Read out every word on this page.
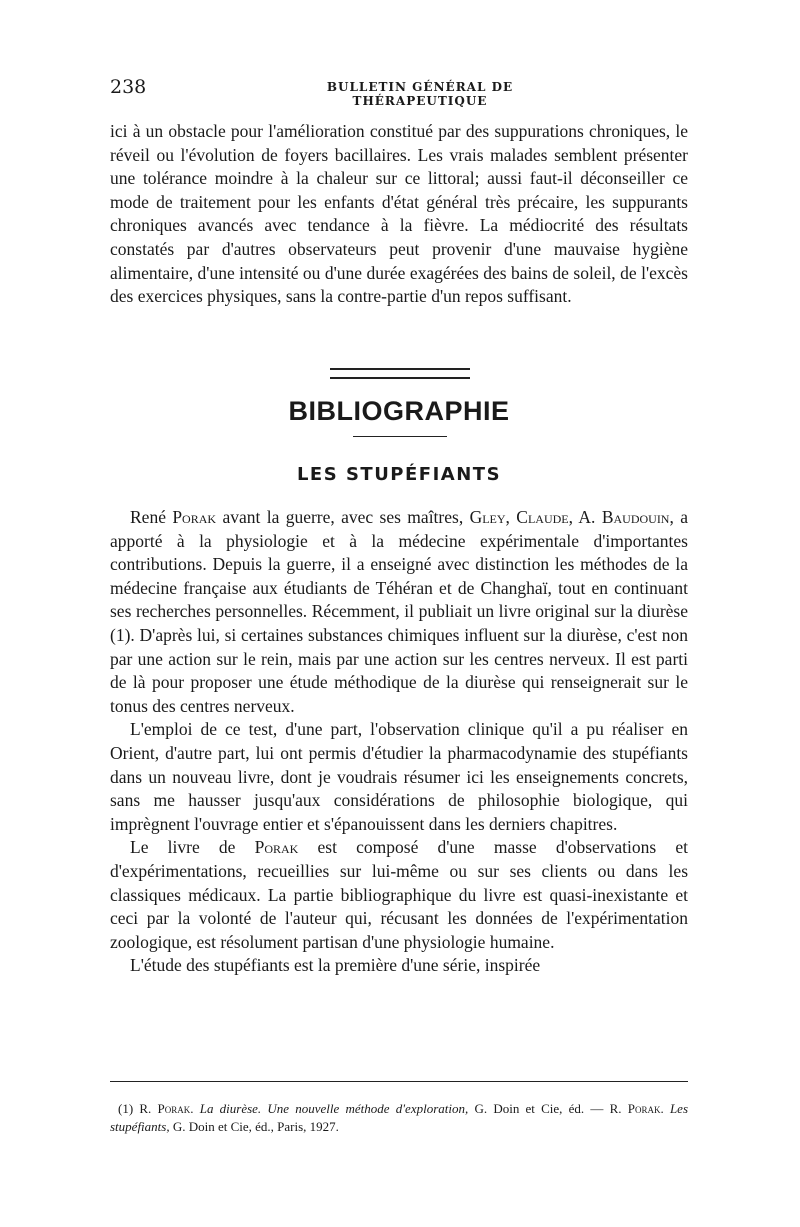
238	BULLETIN GÉNÉRAL DE THÉRAPEUTIQUE

ici à un obstacle pour l'amélioration constitué par des suppurations chroniques, le réveil ou l'évolution de foyers bacillaires. Les vrais malades semblent présenter une tolérance moindre à la chaleur sur ce littoral; aussi faut-il déconseiller ce mode de traitement pour les enfants d'état général très précaire, les suppurants chroniques avancés avec tendance à la fièvre. La médiocrité des résultats constatés par d'autres observateurs peut provenir d'une mauvaise hygiène alimentaire, d'une intensité ou d'une durée exagérées des bains de soleil, de l'excès des exercices physiques, sans la contre-partie d'un repos suffisant.

BIBLIOGRAPHIE
LES STUPÉFIANTS

René Porak avant la guerre, avec ses maîtres, Gley, Claude, A. Baudouin, a apporté à la physiologie et à la médecine expérimentale d'importantes contributions. Depuis la guerre, il a enseigné avec distinction les méthodes de la médecine française aux étudiants de Téhéran et de Changhaï, tout en continuant ses recherches personnelles. Récemment, il publiait un livre original sur la diurèse (1). D'après lui, si certaines substances chimiques influent sur la diurèse, c'est non par une action sur le rein, mais par une action sur les centres nerveux. Il est parti de là pour proposer une étude méthodique de la diurèse qui renseignerait sur le tonus des centres nerveux.

L'emploi de ce test, d'une part, l'observation clinique qu'il a pu réaliser en Orient, d'autre part, lui ont permis d'étudier la pharmacodynamie des stupéfiants dans un nouveau livre, dont je voudrais résumer ici les enseignements concrets, sans me hausser jusqu'aux considérations de philosophie biologique, qui imprègnent l'ouvrage entier et s'épanouissent dans les derniers chapitres.

Le livre de Porak est composé d'une masse d'observations et d'expérimentations, recueillies sur lui-même ou sur ses clients ou dans les classiques médicaux. La partie bibliographique du livre est quasi-inexistante et ceci par la volonté de l'auteur qui, récusant les données de l'expérimentation zoologique, est résolument partisan d'une physiologie humaine.

L'étude des stupéfiants est la première d'une série, inspirée

(1) R. Porak. La diurèse. Une nouvelle méthode d'exploration, G. Doin et Cie, éd. — R. Porak. Les stupéfiants, G. Doin et Cie, éd., Paris, 1927.
